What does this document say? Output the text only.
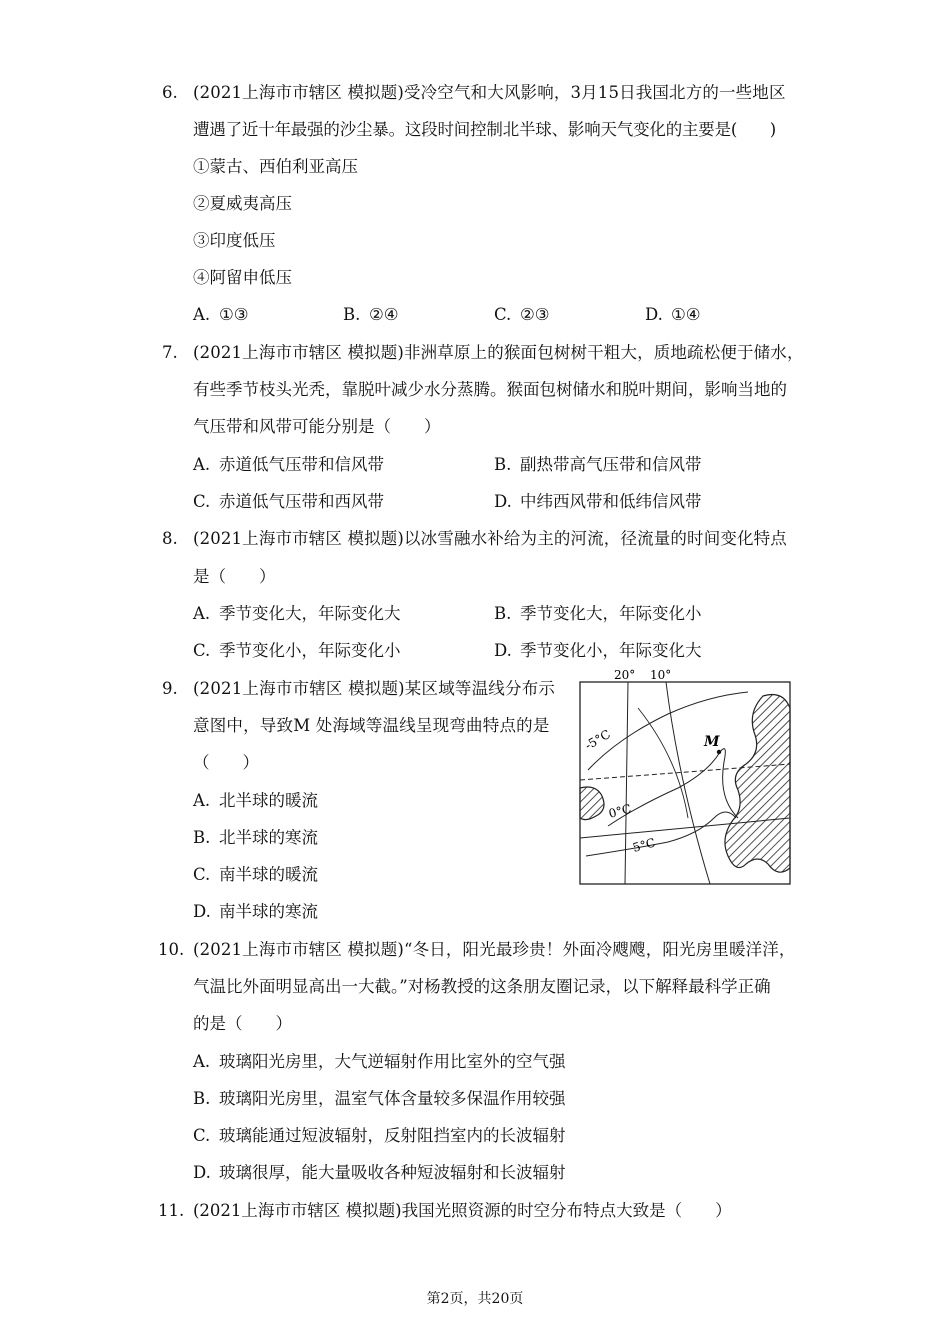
6. (2021上海市市辖区 模拟题)受冷空气和大风影响，3月15日我国北方的一些地区
遭遇了近十年最强的沙尘暴。这段时间控制北半球、影响天气变化的主要是(　　)
①蒙古、西伯利亚高压
②夏威夷高压
③印度低压
④阿留申低压
A. ①③	B. ②④	C. ②③	D. ①④
7. (2021上海市市辖区 模拟题)非洲草原上的猴面包树树干粗大，质地疏松便于储水，
有些季节枝头光秃，靠脱叶减少水分蒸腾。猴面包树储水和脱叶期间，影响当地的
气压带和风带可能分别是（　　）
A. 赤道低气压带和信风带	B. 副热带高气压带和信风带
C. 赤道低气压带和西风带	D. 中纬西风带和低纬信风带
8. (2021上海市市辖区 模拟题)以冰雪融水补给为主的河流，径流量的时间变化特点
是（　　）
A. 季节变化大，年际变化大	B. 季节变化大，年际变化小
C. 季节变化小，年际变化小	D. 季节变化小，年际变化大
9. (2021上海市市辖区 模拟题)某区域等温线分布示
意图中，导致M 处海域等温线呈现弯曲特点的是
（　　）
A. 北半球的暖流
B. 北半球的寒流
C. 南半球的暖流
D. 南半球的寒流
20° 10°
M
-5°C
0°C
5°C
10. (2021上海市市辖区 模拟题)“冬日，阳光最珍贵！外面冷飕飕，阳光房里暖洋洋，
气温比外面明显高出一大截。”对杨教授的这条朋友圈记录，以下解释最科学正确
的是（　　）
A. 玻璃阳光房里，大气逆辐射作用比室外的空气强
B. 玻璃阳光房里，温室气体含量较多保温作用较强
C. 玻璃能通过短波辐射，反射阻挡室内的长波辐射
D. 玻璃很厚，能大量吸收各种短波辐射和长波辐射
11. (2021上海市市辖区 模拟题)我国光照资源的时空分布特点大致是（　　）
第2页，共20页
